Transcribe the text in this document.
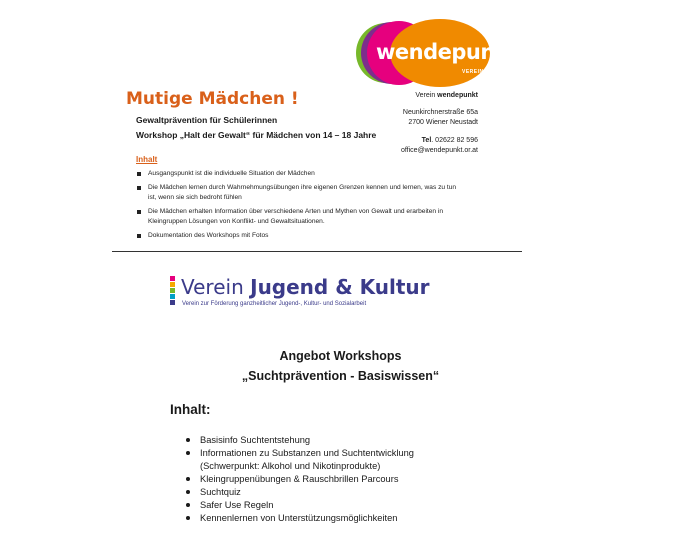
wendepunkt
VEREIN
Mutige Mädchen !
Gewaltprävention für Schülerinnen
Workshop „Halt der Gewalt“ für Mädchen von 14 – 18 Jahre
Verein wendepunkt
Neunkirchnerstraße 65a
2700 Wiener Neustadt
Tel. 02622 82 596
office@wendepunkt.or.at
Inhalt
Ausgangspunkt ist die individuelle Situation der Mädchen
Die Mädchen lernen durch Wahrnehmungsübungen ihre eigenen Grenzen kennen und lernen, was zu tun ist, wenn sie sich bedroht fühlen
Die Mädchen erhalten Information über verschiedene Arten und Mythen von Gewalt und erarbeiten in Kleingruppen Lösungen von Konflikt- und Gewaltsituationen.
Dokumentation des Workshops mit Fotos
Verein Jugend & Kultur
Verein zur Förderung ganzheitlicher Jugend-, Kultur- und Sozialarbeit
Angebot Workshops
„Suchtprävention - Basiswissen“
Inhalt:
Basisinfo Suchtentstehung
Informationen zu Substanzen und Suchtentwicklung (Schwerpunkt: Alkohol und Nikotinprodukte)
Kleingruppenübungen & Rauschbrillen Parcours
Suchtquiz
Safer Use Regeln
Kennenlernen von Unterstützungsmöglichkeiten
